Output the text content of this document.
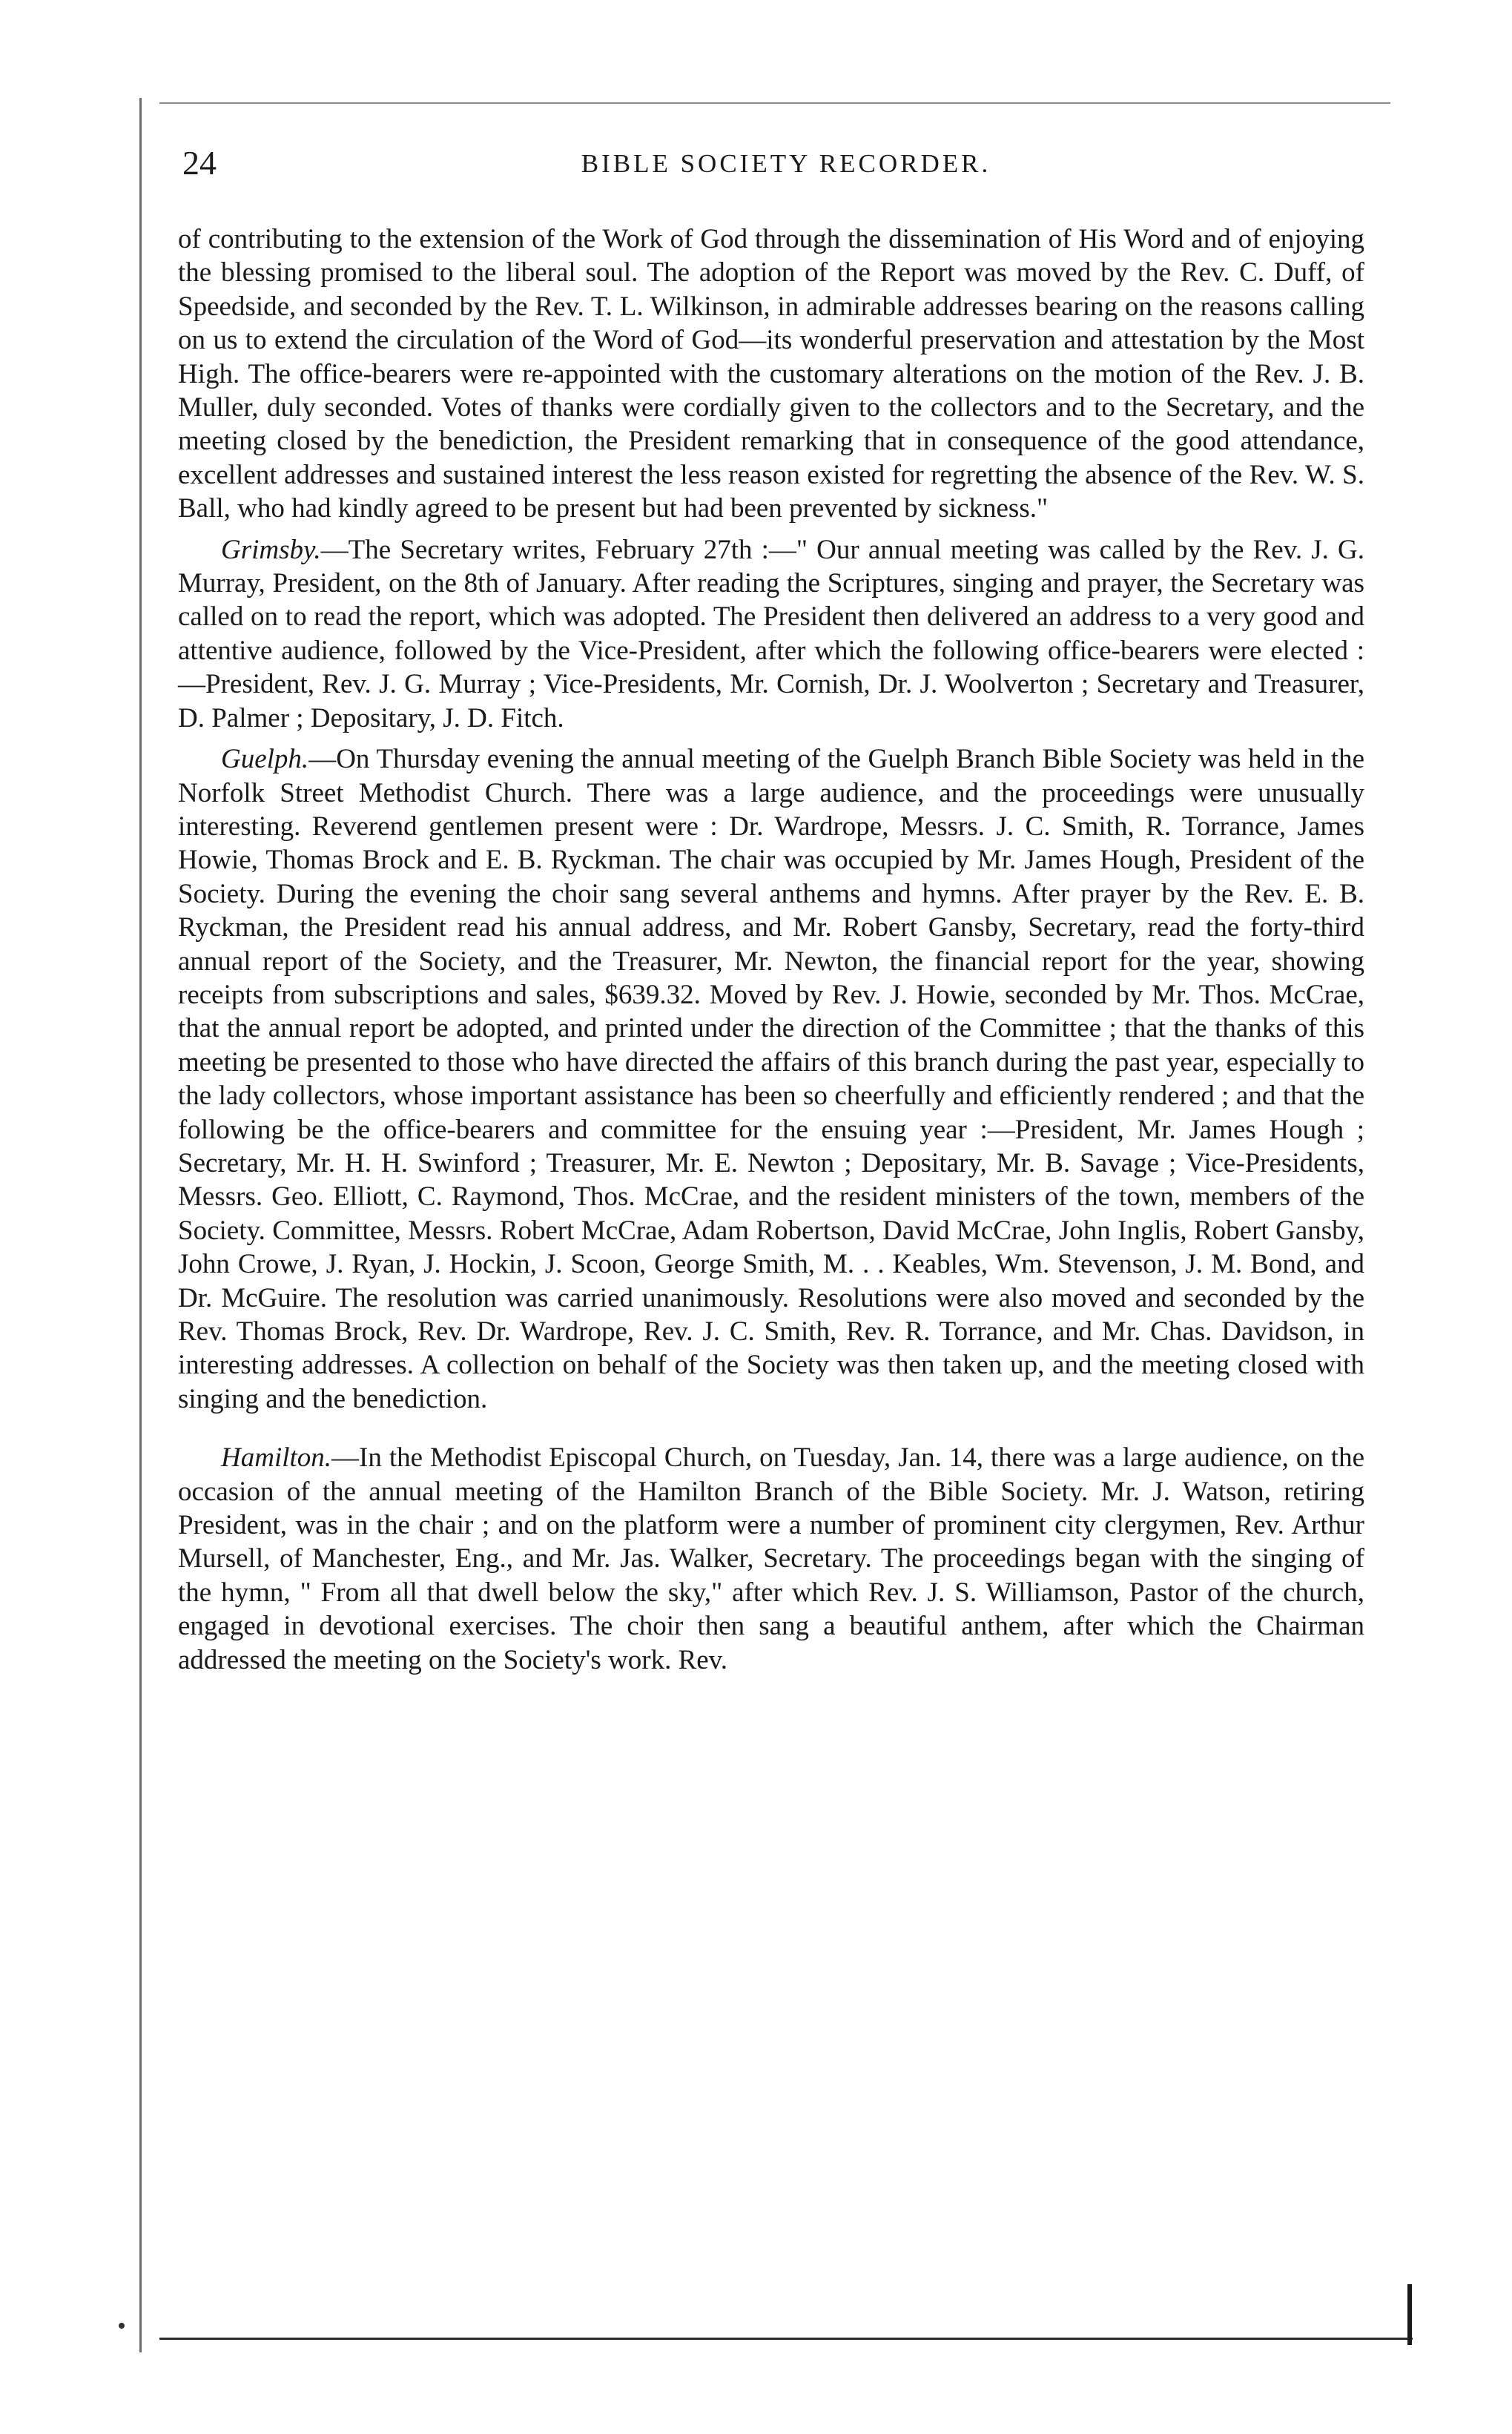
24	BIBLE SOCIETY RECORDER.

of contributing to the extension of the Work of God through the dissemination of His Word and of enjoying the blessing promised to the liberal soul. The adoption of the Report was moved by the Rev. C. Duff, of Speedside, and seconded by the Rev. T. L. Wilkinson, in admirable addresses bearing on the reasons calling on us to extend the circulation of the Word of God—its wonderful preservation and attestation by the Most High. The office-bearers were re-appointed with the customary alterations on the motion of the Rev. J. B. Muller, duly seconded. Votes of thanks were cordially given to the collectors and to the Secretary, and the meeting closed by the benediction, the President remarking that in consequence of the good attendance, excellent addresses and sustained interest the less reason existed for regretting the absence of the Rev. W. S. Ball, who had kindly agreed to be present but had been prevented by sickness."

Grimsby.—The Secretary writes, February 27th :—" Our annual meeting was called by the Rev. J. G. Murray, President, on the 8th of January. After reading the Scriptures, singing and prayer, the Secretary was called on to read the report, which was adopted. The President then delivered an address to a very good and attentive audience, followed by the Vice-President, after which the following office-bearers were elected :—President, Rev. J. G. Murray ; Vice-Presidents, Mr. Cornish, Dr. J. Woolverton ; Secretary and Treasurer, D. Palmer ; Depositary, J. D. Fitch.

Guelph.—On Thursday evening the annual meeting of the Guelph Branch Bible Society was held in the Norfolk Street Methodist Church. There was a large audience, and the proceedings were unusually interesting. Reverend gentlemen present were : Dr. Wardrope, Messrs. J. C. Smith, R. Torrance, James Howie, Thomas Brock and E. B. Ryckman. The chair was occupied by Mr. James Hough, President of the Society. During the evening the choir sang several anthems and hymns. After prayer by the Rev. E. B. Ryckman, the President read his annual address, and Mr. Robert Gansby, Secretary, read the forty-third annual report of the Society, and the Treasurer, Mr. Newton, the financial report for the year, showing receipts from subscriptions and sales, $639.32. Moved by Rev. J. Howie, seconded by Mr. Thos. McCrae, that the annual report be adopted, and printed under the direction of the Committee ; that the thanks of this meeting be presented to those who have directed the affairs of this branch during the past year, especially to the lady collectors, whose important assistance has been so cheerfully and efficiently rendered ; and that the following be the office-bearers and committee for the ensuing year :—President, Mr. James Hough ; Secretary, Mr. H. H. Swinford ; Treasurer, Mr. E. Newton ; Depositary, Mr. B. Savage ; Vice-Presidents, Messrs. Geo. Elliott, C. Raymond, Thos. McCrae, and the resident ministers of the town, members of the Society. Committee, Messrs. Robert McCrae, Adam Robertson, David McCrae, John Inglis, Robert Gansby, John Crowe, J. Ryan, J. Hockin, J. Scoon, George Smith, M. . . Keables, Wm. Stevenson, J. M. Bond, and Dr. McGuire. The resolution was carried unanimously. Resolutions were also moved and seconded by the Rev. Thomas Brock, Rev. Dr. Wardrope, Rev. J. C. Smith, Rev. R. Torrance, and Mr. Chas. Davidson, in interesting addresses. A collection on behalf of the Society was then taken up, and the meeting closed with singing and the benediction.

Hamilton.—In the Methodist Episcopal Church, on Tuesday, Jan. 14, there was a large audience, on the occasion of the annual meeting of the Hamilton Branch of the Bible Society. Mr. J. Watson, retiring President, was in the chair ; and on the platform were a number of prominent city clergymen, Rev. Arthur Mursell, of Manchester, Eng., and Mr. Jas. Walker, Secretary. The proceedings began with the singing of the hymn, " From all that dwell below the sky," after which Rev. J. S. Williamson, Pastor of the church, engaged in devotional exercises. The choir then sang a beautiful anthem, after which the Chairman addressed the meeting on the Society's work. Rev.
